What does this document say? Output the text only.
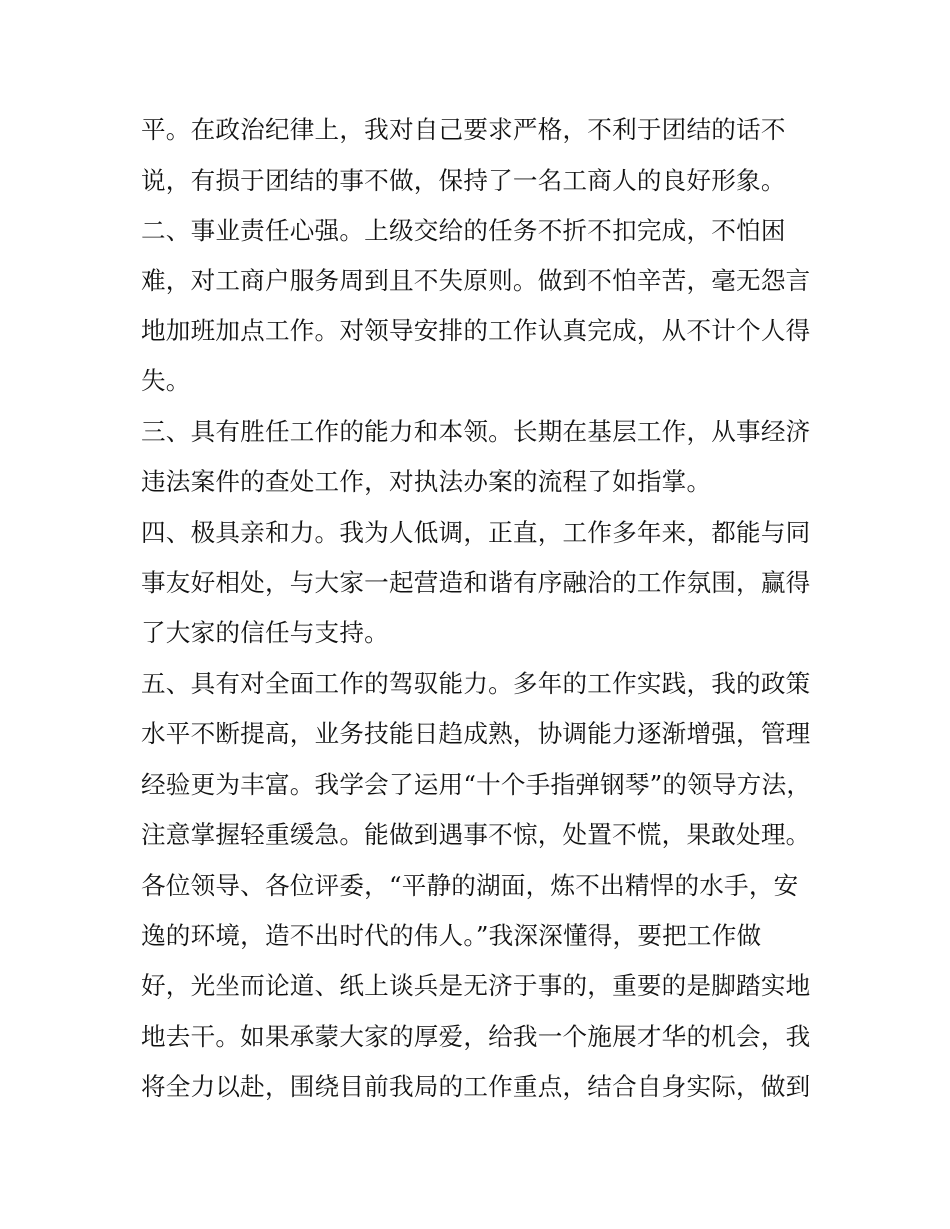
平。在政治纪律上，我对自己要求严格，不利于团结的话不
说，有损于团结的事不做，保持了一名工商人的良好形象。
二、事业责任心强。上级交给的任务不折不扣完成，不怕困
难，对工商户服务周到且不失原则。做到不怕辛苦，毫无怨言
地加班加点工作。对领导安排的工作认真完成，从不计个人得
失。
三、具有胜任工作的能力和本领。长期在基层工作，从事经济
违法案件的查处工作，对执法办案的流程了如指掌。
四、极具亲和力。我为人低调，正直，工作多年来，都能与同
事友好相处，与大家一起营造和谐有序融洽的工作氛围，赢得
了大家的信任与支持。
五、具有对全面工作的驾驭能力。多年的工作实践，我的政策
水平不断提高，业务技能日趋成熟，协调能力逐渐增强，管理
经验更为丰富。我学会了运用“十个手指弹钢琴”的领导方法，
注意掌握轻重缓急。能做到遇事不惊，处置不慌，果敢处理。
各位领导、各位评委，“平静的湖面，炼不出精悍的水手，安
逸的环境，造不出时代的伟人。”我深深懂得，要把工作做
好，光坐而论道、纸上谈兵是无济于事的，重要的是脚踏实地
地去干。如果承蒙大家的厚爱，给我一个施展才华的机会，我
将全力以赴，围绕目前我局的工作重点，结合自身实际，做到
